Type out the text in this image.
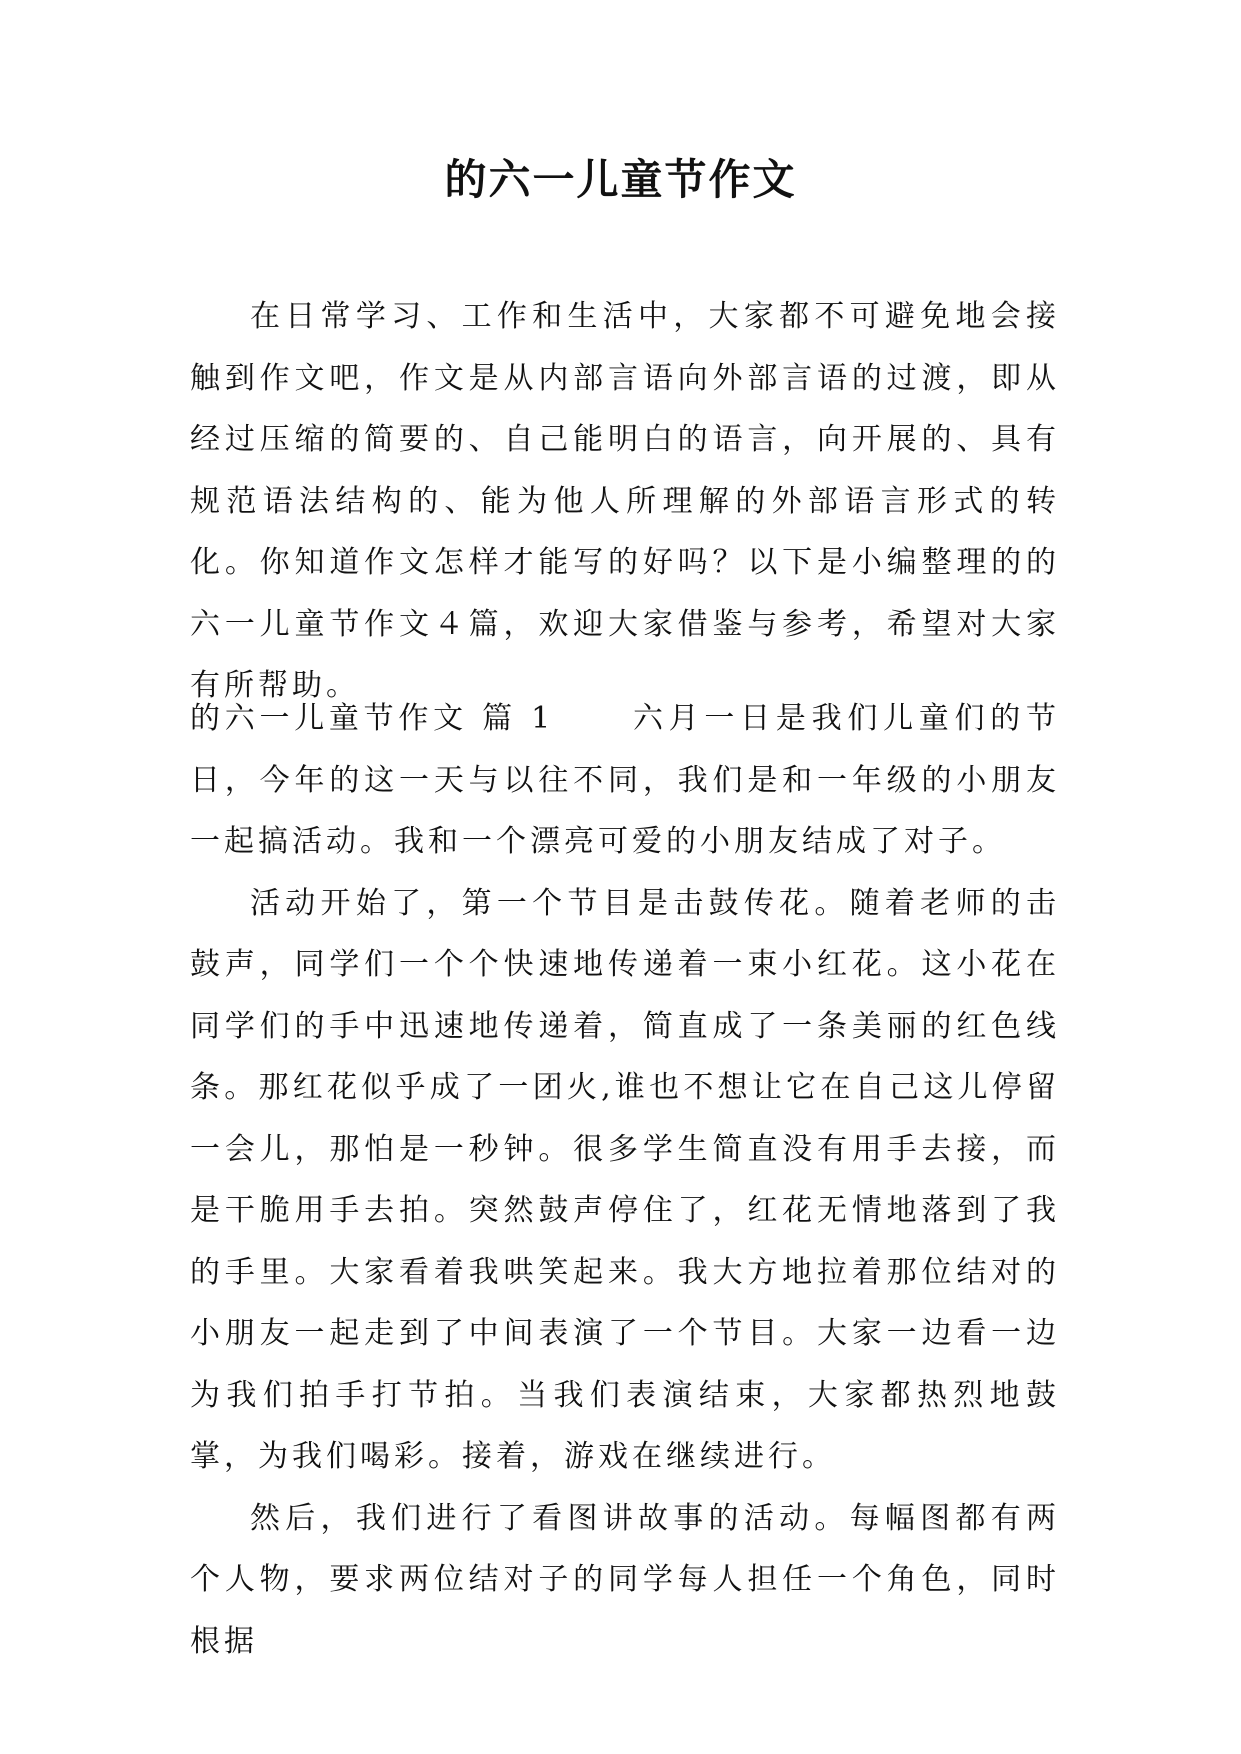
的六一儿童节作文

在日常学习、工作和生活中，大家都不可避免地会接触到作文吧，作文是从内部言语向外部言语的过渡，即从经过压缩的简要的、自己能明白的语言，向开展的、具有规范语法结构的、能为他人所理解的外部语言形式的转化。你知道作文怎样才能写的好吗？以下是小编整理的的六一儿童节作文４篇，欢迎大家借鉴与参考，希望对大家有所帮助。

的六一儿童节作文 篇 1	六月一日是我们儿童们的节日，今年的这一天与以往不同，我们是和一年级的小朋友一起搞活动。我和一个漂亮可爱的小朋友结成了对子。

活动开始了，第一个节目是击鼓传花。随着老师的击鼓声，同学们一个个快速地传递着一束小红花。这小花在同学们的手中迅速地传递着，简直成了一条美丽的红色线条。那红花似乎成了一团火,谁也不想让它在自己这儿停留一会儿，那怕是一秒钟。很多学生简直没有用手去接，而是干脆用手去拍。突然鼓声停住了，红花无情地落到了我的手里。大家看着我哄笑起来。我大方地拉着那位结对的小朋友一起走到了中间表演了一个节目。大家一边看一边为我们拍手打节拍。当我们表演结束，大家都热烈地鼓掌，为我们喝彩。接着，游戏在继续进行。

然后，我们进行了看图讲故事的活动。每幅图都有两个人物，要求两位结对子的同学每人担任一个角色，同时根据
